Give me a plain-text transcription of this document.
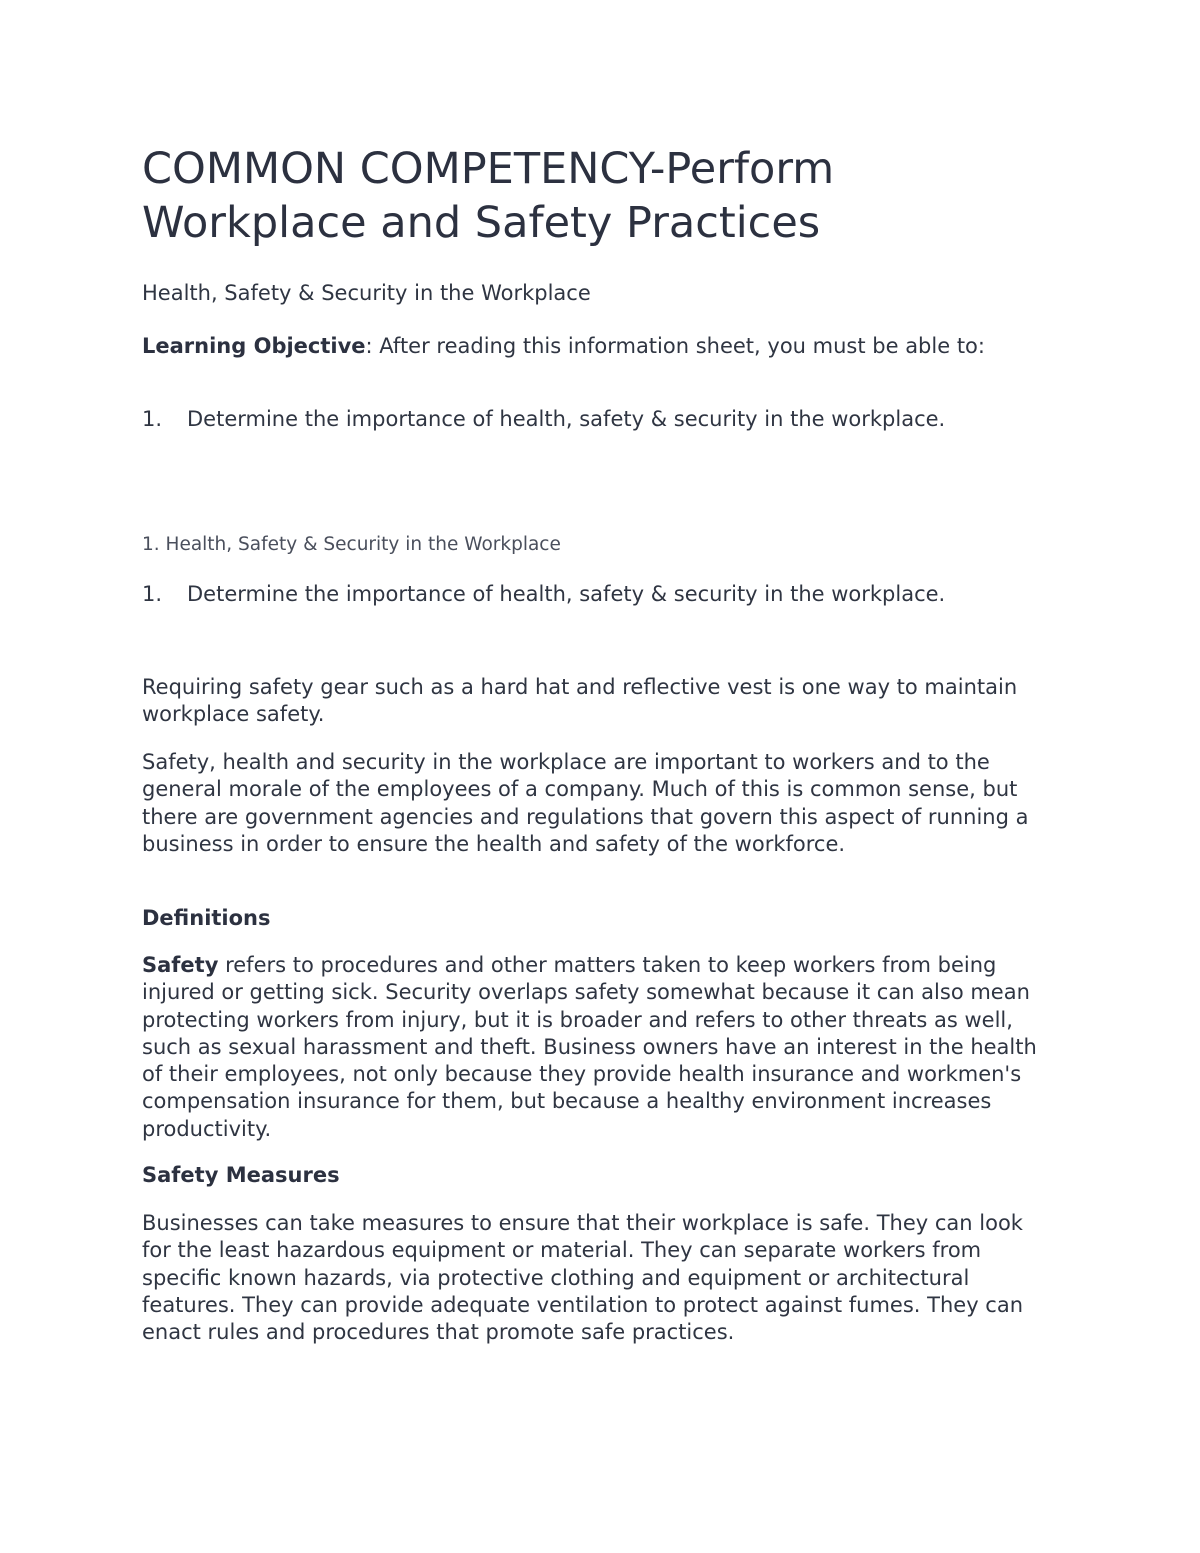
COMMON COMPETENCY-Perform Workplace and Safety Practices
Health, Safety & Security in the Workplace

Learning Objective: After reading this information sheet, you must be able to:

1.	Determine the importance of health, safety & security in the workplace.
1. Health, Safety & Security in the Workplace
1.	Determine the importance of health, safety & security in the workplace.

Requiring safety gear such as a hard hat and reflective vest is one way to maintain workplace safety.

Safety, health and security in the workplace are important to workers and to the general morale of the employees of a company. Much of this is common sense, but there are government agencies and regulations that govern this aspect of running a business in order to ensure the health and safety of the workforce.

Definitions

Safety refers to procedures and other matters taken to keep workers from being injured or getting sick. Security overlaps safety somewhat because it can also mean protecting workers from injury, but it is broader and refers to other threats as well, such as sexual harassment and theft. Business owners have an interest in the health of their employees, not only because they provide health insurance and workmen's compensation insurance for them, but because a healthy environment increases productivity.

Safety Measures

Businesses can take measures to ensure that their workplace is safe. They can look for the least hazardous equipment or material. They can separate workers from specific known hazards, via protective clothing and equipment or architectural features. They can provide adequate ventilation to protect against fumes. They can enact rules and procedures that promote safe practices.
